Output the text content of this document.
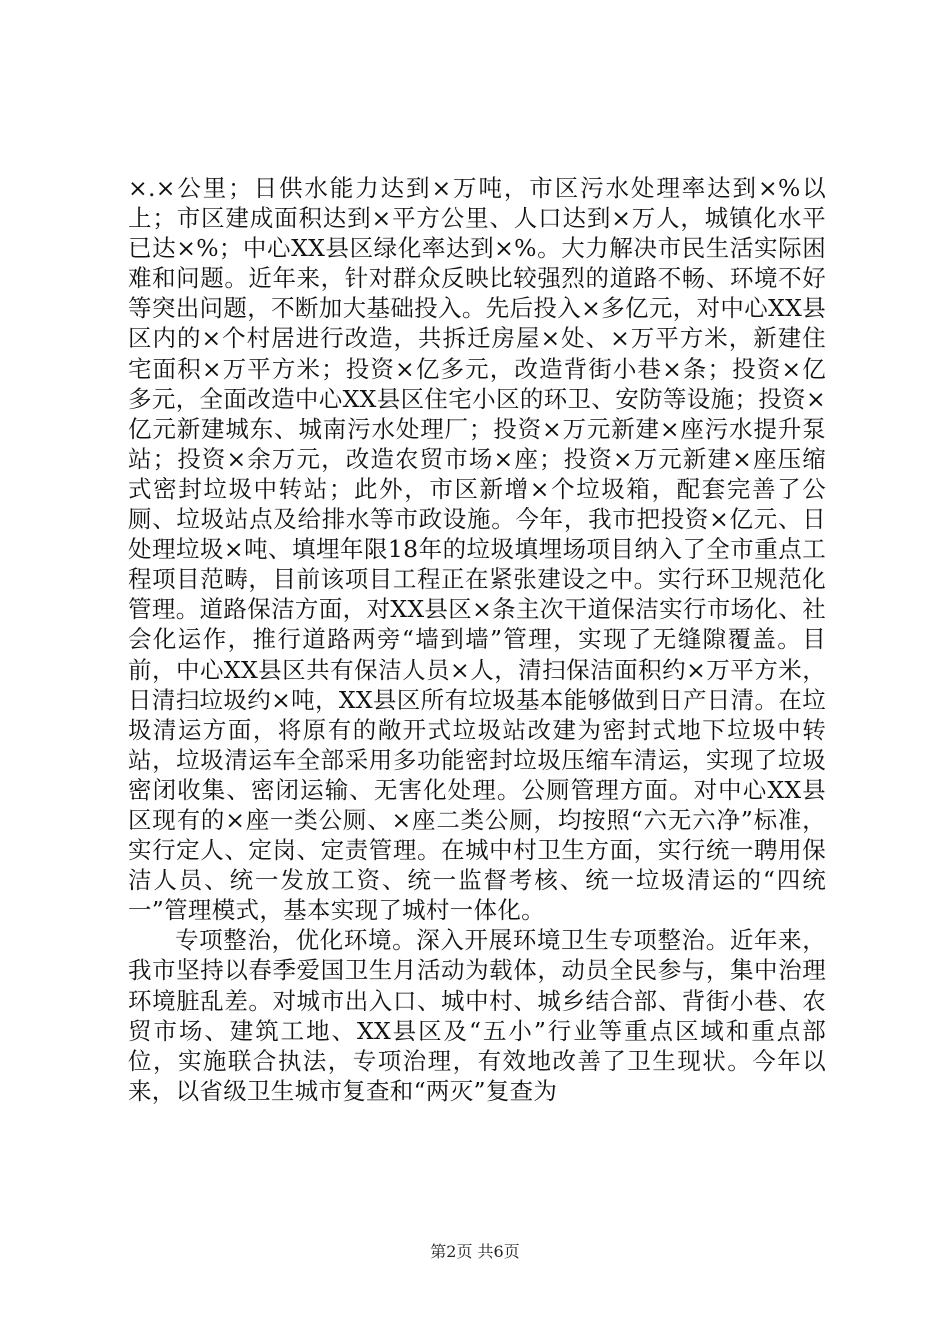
×.×公里；日供水能力达到×万吨，市区污水处理率达到×%以上；市区建成面积达到×平方公里、人口达到×万人，城镇化水平已达×%；中心XX县区绿化率达到×%。大力解决市民生活实际困难和问题。近年来，针对群众反映比较强烈的道路不畅、环境不好等突出问题，不断加大基础投入。先后投入×多亿元，对中心XX县区内的×个村居进行改造，共拆迁房屋×处、×万平方米，新建住宅面积×万平方米；投资×亿多元，改造背街小巷×条；投资×亿多元，全面改造中心XX县区住宅小区的环卫、安防等设施；投资×亿元新建城东、城南污水处理厂；投资×万元新建×座污水提升泵站；投资×余万元，改造农贸市场×座；投资×万元新建×座压缩式密封垃圾中转站；此外，市区新增×个垃圾箱，配套完善了公厕、垃圾站点及给排水等市政设施。今年，我市把投资×亿元、日处理垃圾×吨、填埋年限18年的垃圾填埋场项目纳入了全市重点工程项目范畴，目前该项目工程正在紧张建设之中。实行环卫规范化管理。道路保洁方面，对XX县区×条主次干道保洁实行市场化、社会化运作，推行道路两旁“墙到墙”管理，实现了无缝隙覆盖。目前，中心XX县区共有保洁人员×人，清扫保洁面积约×万平方米，日清扫垃圾约×吨，XX县区所有垃圾基本能够做到日产日清。在垃圾清运方面，将原有的敞开式垃圾站改建为密封式地下垃圾中转站，垃圾清运车全部采用多功能密封垃圾压缩车清运，实现了垃圾密闭收集、密闭运输、无害化处理。公厕管理方面。对中心XX县区现有的×座一类公厕、×座二类公厕，均按照“六无六净”标准，实行定人、定岗、定责管理。在城中村卫生方面，实行统一聘用保洁人员、统一发放工资、统一监督考核、统一垃圾清运的“四统一”管理模式，基本实现了城村一体化。

专项整治，优化环境。深入开展环境卫生专项整治。近年来，我市坚持以春季爱国卫生月活动为载体，动员全民参与，集中治理环境脏乱差。对城市出入口、城中村、城乡结合部、背街小巷、农贸市场、建筑工地、XX县区及“五小”行业等重点区域和重点部位，实施联合执法，专项治理，有效地改善了卫生现状。今年以来，以省级卫生城市复查和“两灭”复查为

第2页 共6页
